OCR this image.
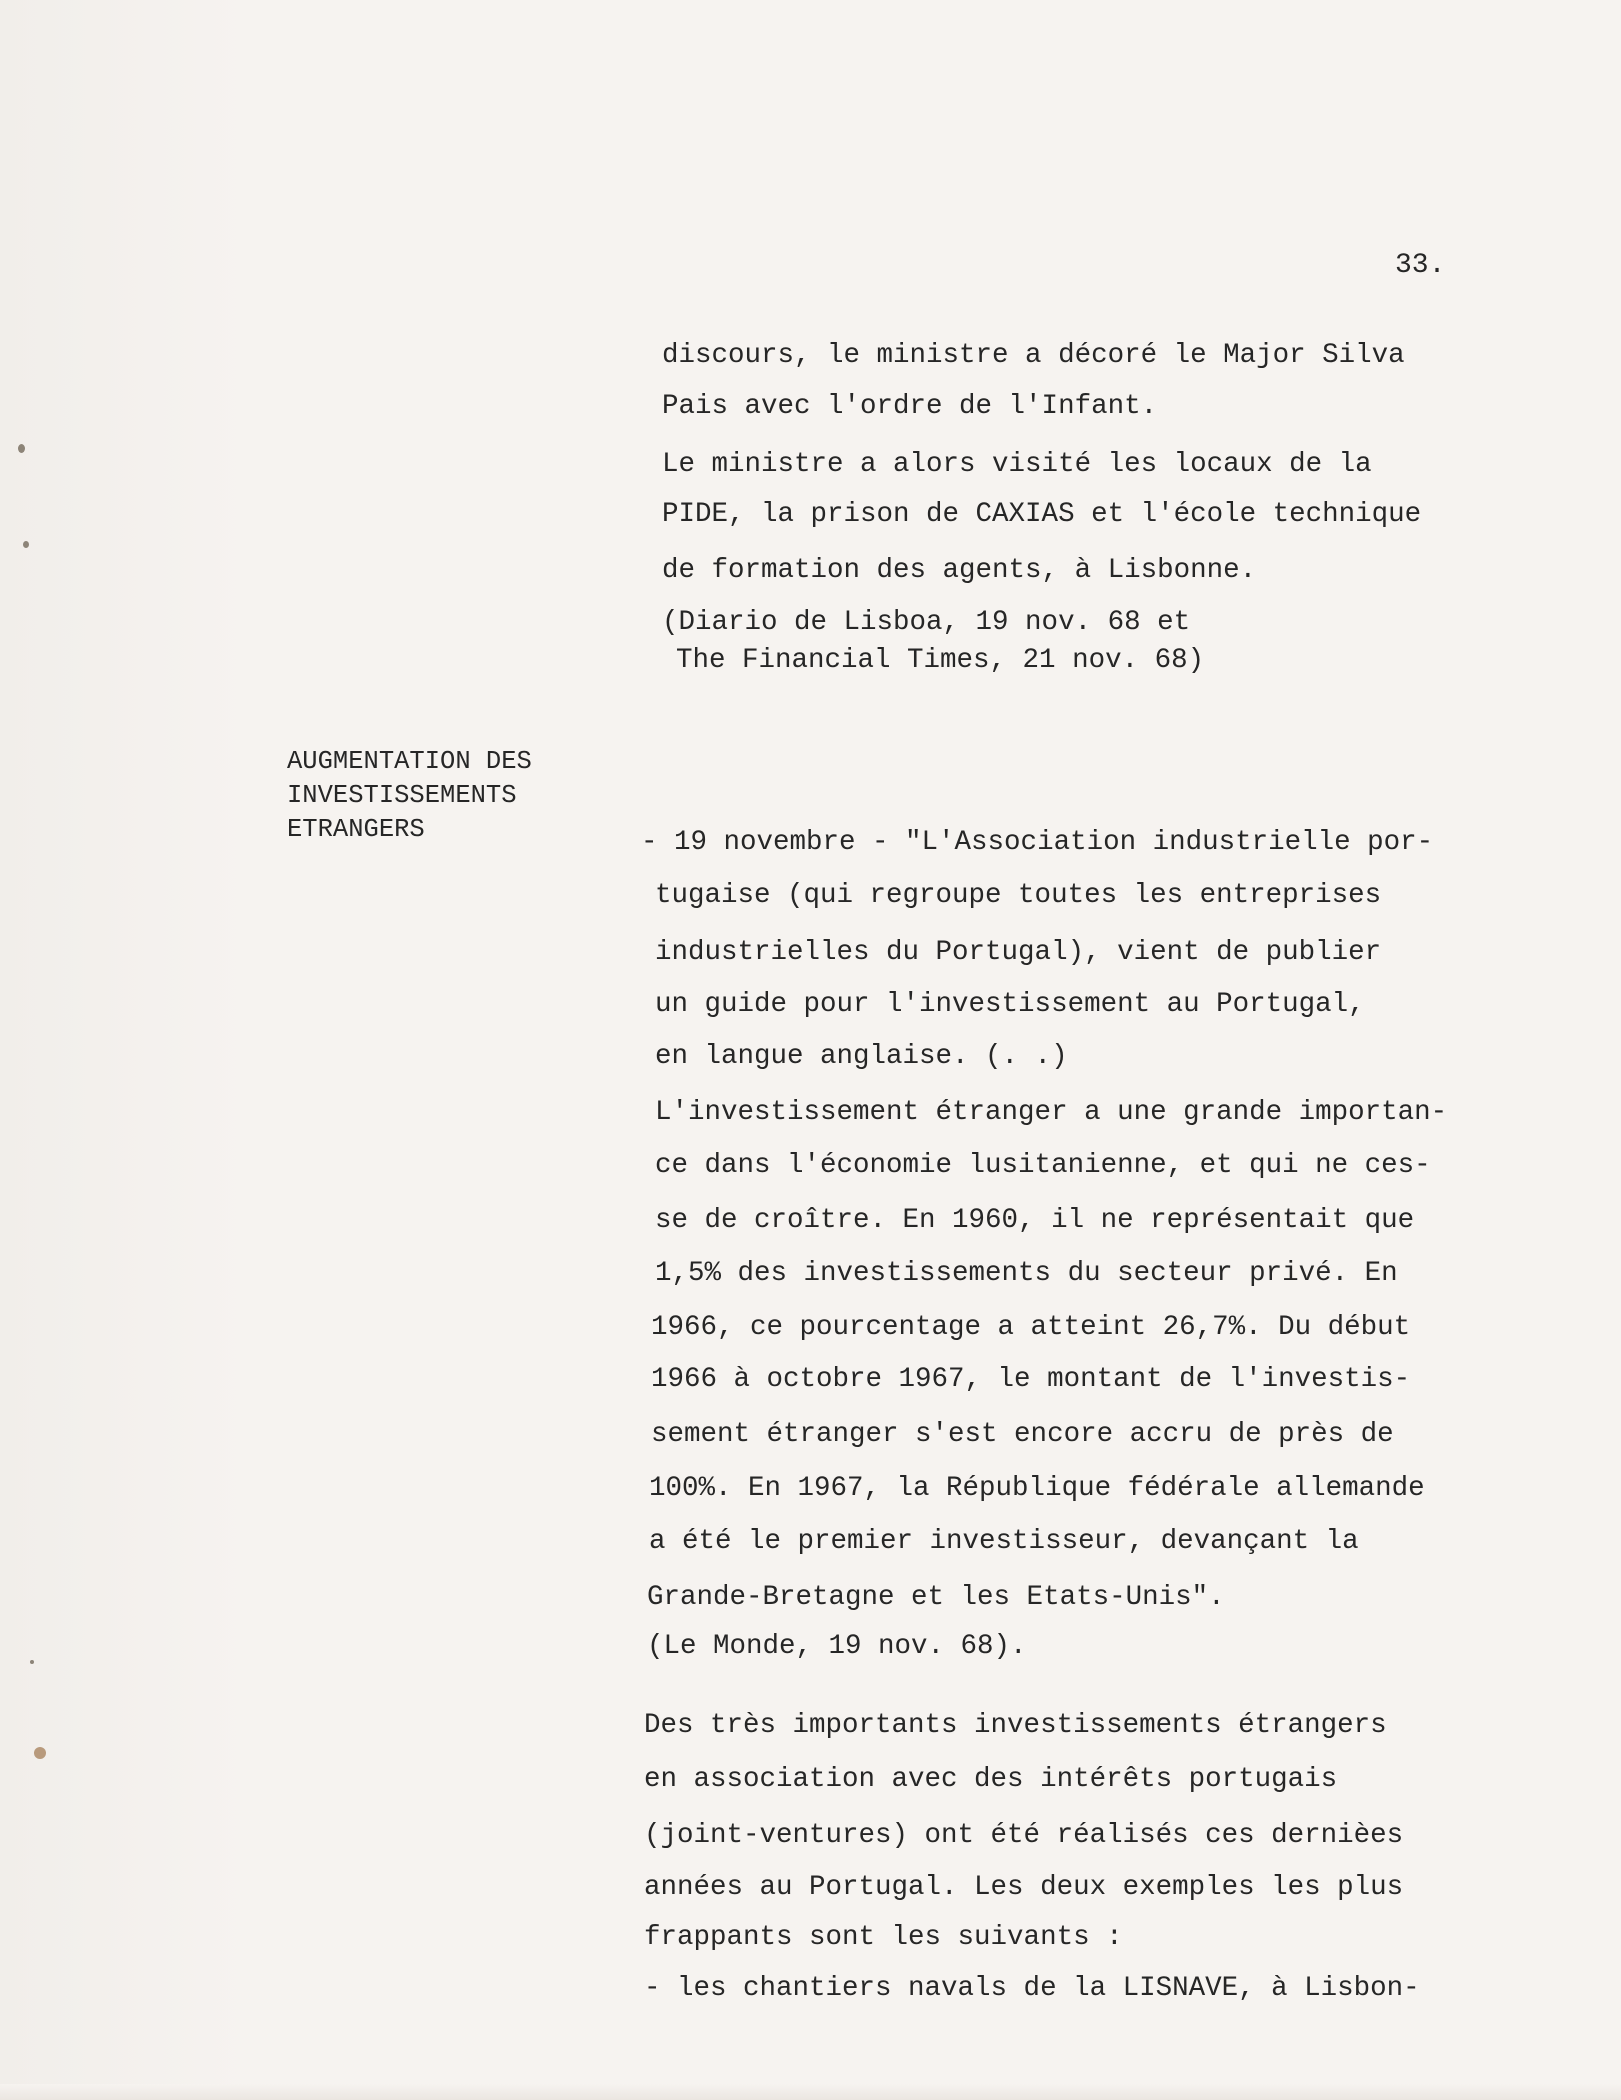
33.
discours, le ministre a décoré le Major Silva
Pais avec l'ordre de l'Infant.
Le ministre a alors visité les locaux de la
PIDE, la prison de CAXIAS et l'école technique
de formation des agents, à Lisbonne.
(Diario de Lisboa, 19 nov. 68 et
The Financial Times, 21 nov. 68)
AUGMENTATION DES
INVESTISSEMENTS
ETRANGERS	- 19 novembre - "L'Association industrielle por-
tugaise (qui regroupe toutes les entreprises
industrielles du Portugal), vient de publier
un guide pour l'investissement au Portugal,
en langue anglaise. (. .)
L'investissement étranger a une grande importan-
ce dans l'économie lusitanienne, et qui ne ces-
se de croître. En 1960, il ne représentait que
1,5% des investissements du secteur privé. En
1966, ce pourcentage a atteint 26,7%. Du début
1966 à octobre 1967, le montant de l'investis-
sement étranger s'est encore accru de près de
100%. En 1967, la République fédérale allemande
a été le premier investisseur, devançant la
Grande-Bretagne et les Etats-Unis".
(Le Monde, 19 nov. 68).
Des très importants investissements étrangers
en association avec des intérêts portugais
(joint-ventures) ont été réalisés ces dernièes
années au Portugal. Les deux exemples les plus
frappants sont les suivants :
- les chantiers navals de la LISNAVE, à Lisbon-
